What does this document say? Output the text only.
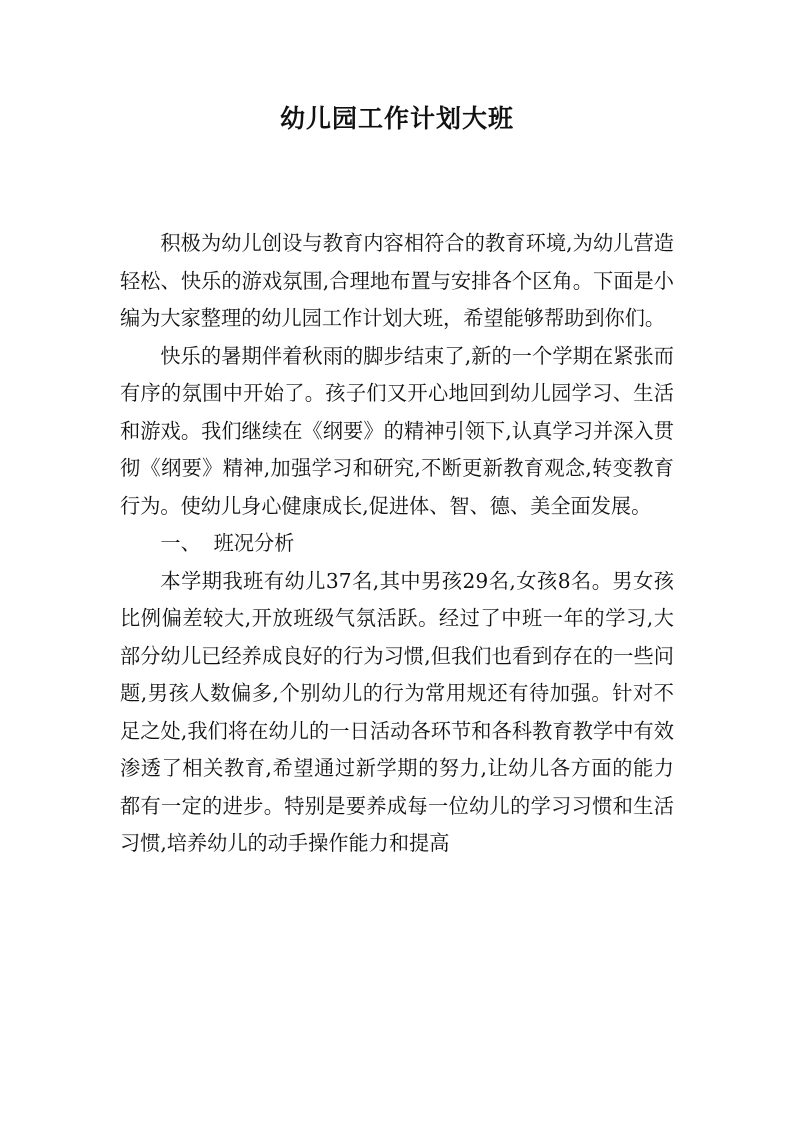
幼儿园工作计划大班

积极为幼儿创设与教育内容相符合的教育环境,为幼儿营造轻松、快乐的游戏氛围,合理地布置与安排各个区角。下面是小编为大家整理的幼儿园工作计划大班，希望能够帮助到你们。

快乐的暑期伴着秋雨的脚步结束了,新的一个学期在紧张而有序的氛围中开始了。孩子们又开心地回到幼儿园学习、生活和游戏。我们继续在《纲要》的精神引领下,认真学习并深入贯彻《纲要》精神,加强学习和研究,不断更新教育观念,转变教育行为。使幼儿身心健康成长,促进体、智、德、美全面发展。

一、  班况分析

本学期我班有幼儿37名,其中男孩29名,女孩8名。男女孩比例偏差较大,开放班级气氛活跃。经过了中班一年的学习,大部分幼儿已经养成良好的行为习惯,但我们也看到存在的一些问题,男孩人数偏多,个别幼儿的行为常用规还有待加强。针对不足之处,我们将在幼儿的一日活动各环节和各科教育教学中有效渗透了相关教育,希望通过新学期的努力,让幼儿各方面的能力都有一定的进步。特别是要养成每一位幼儿的学习习惯和生活习惯,培养幼儿的动手操作能力和提高
